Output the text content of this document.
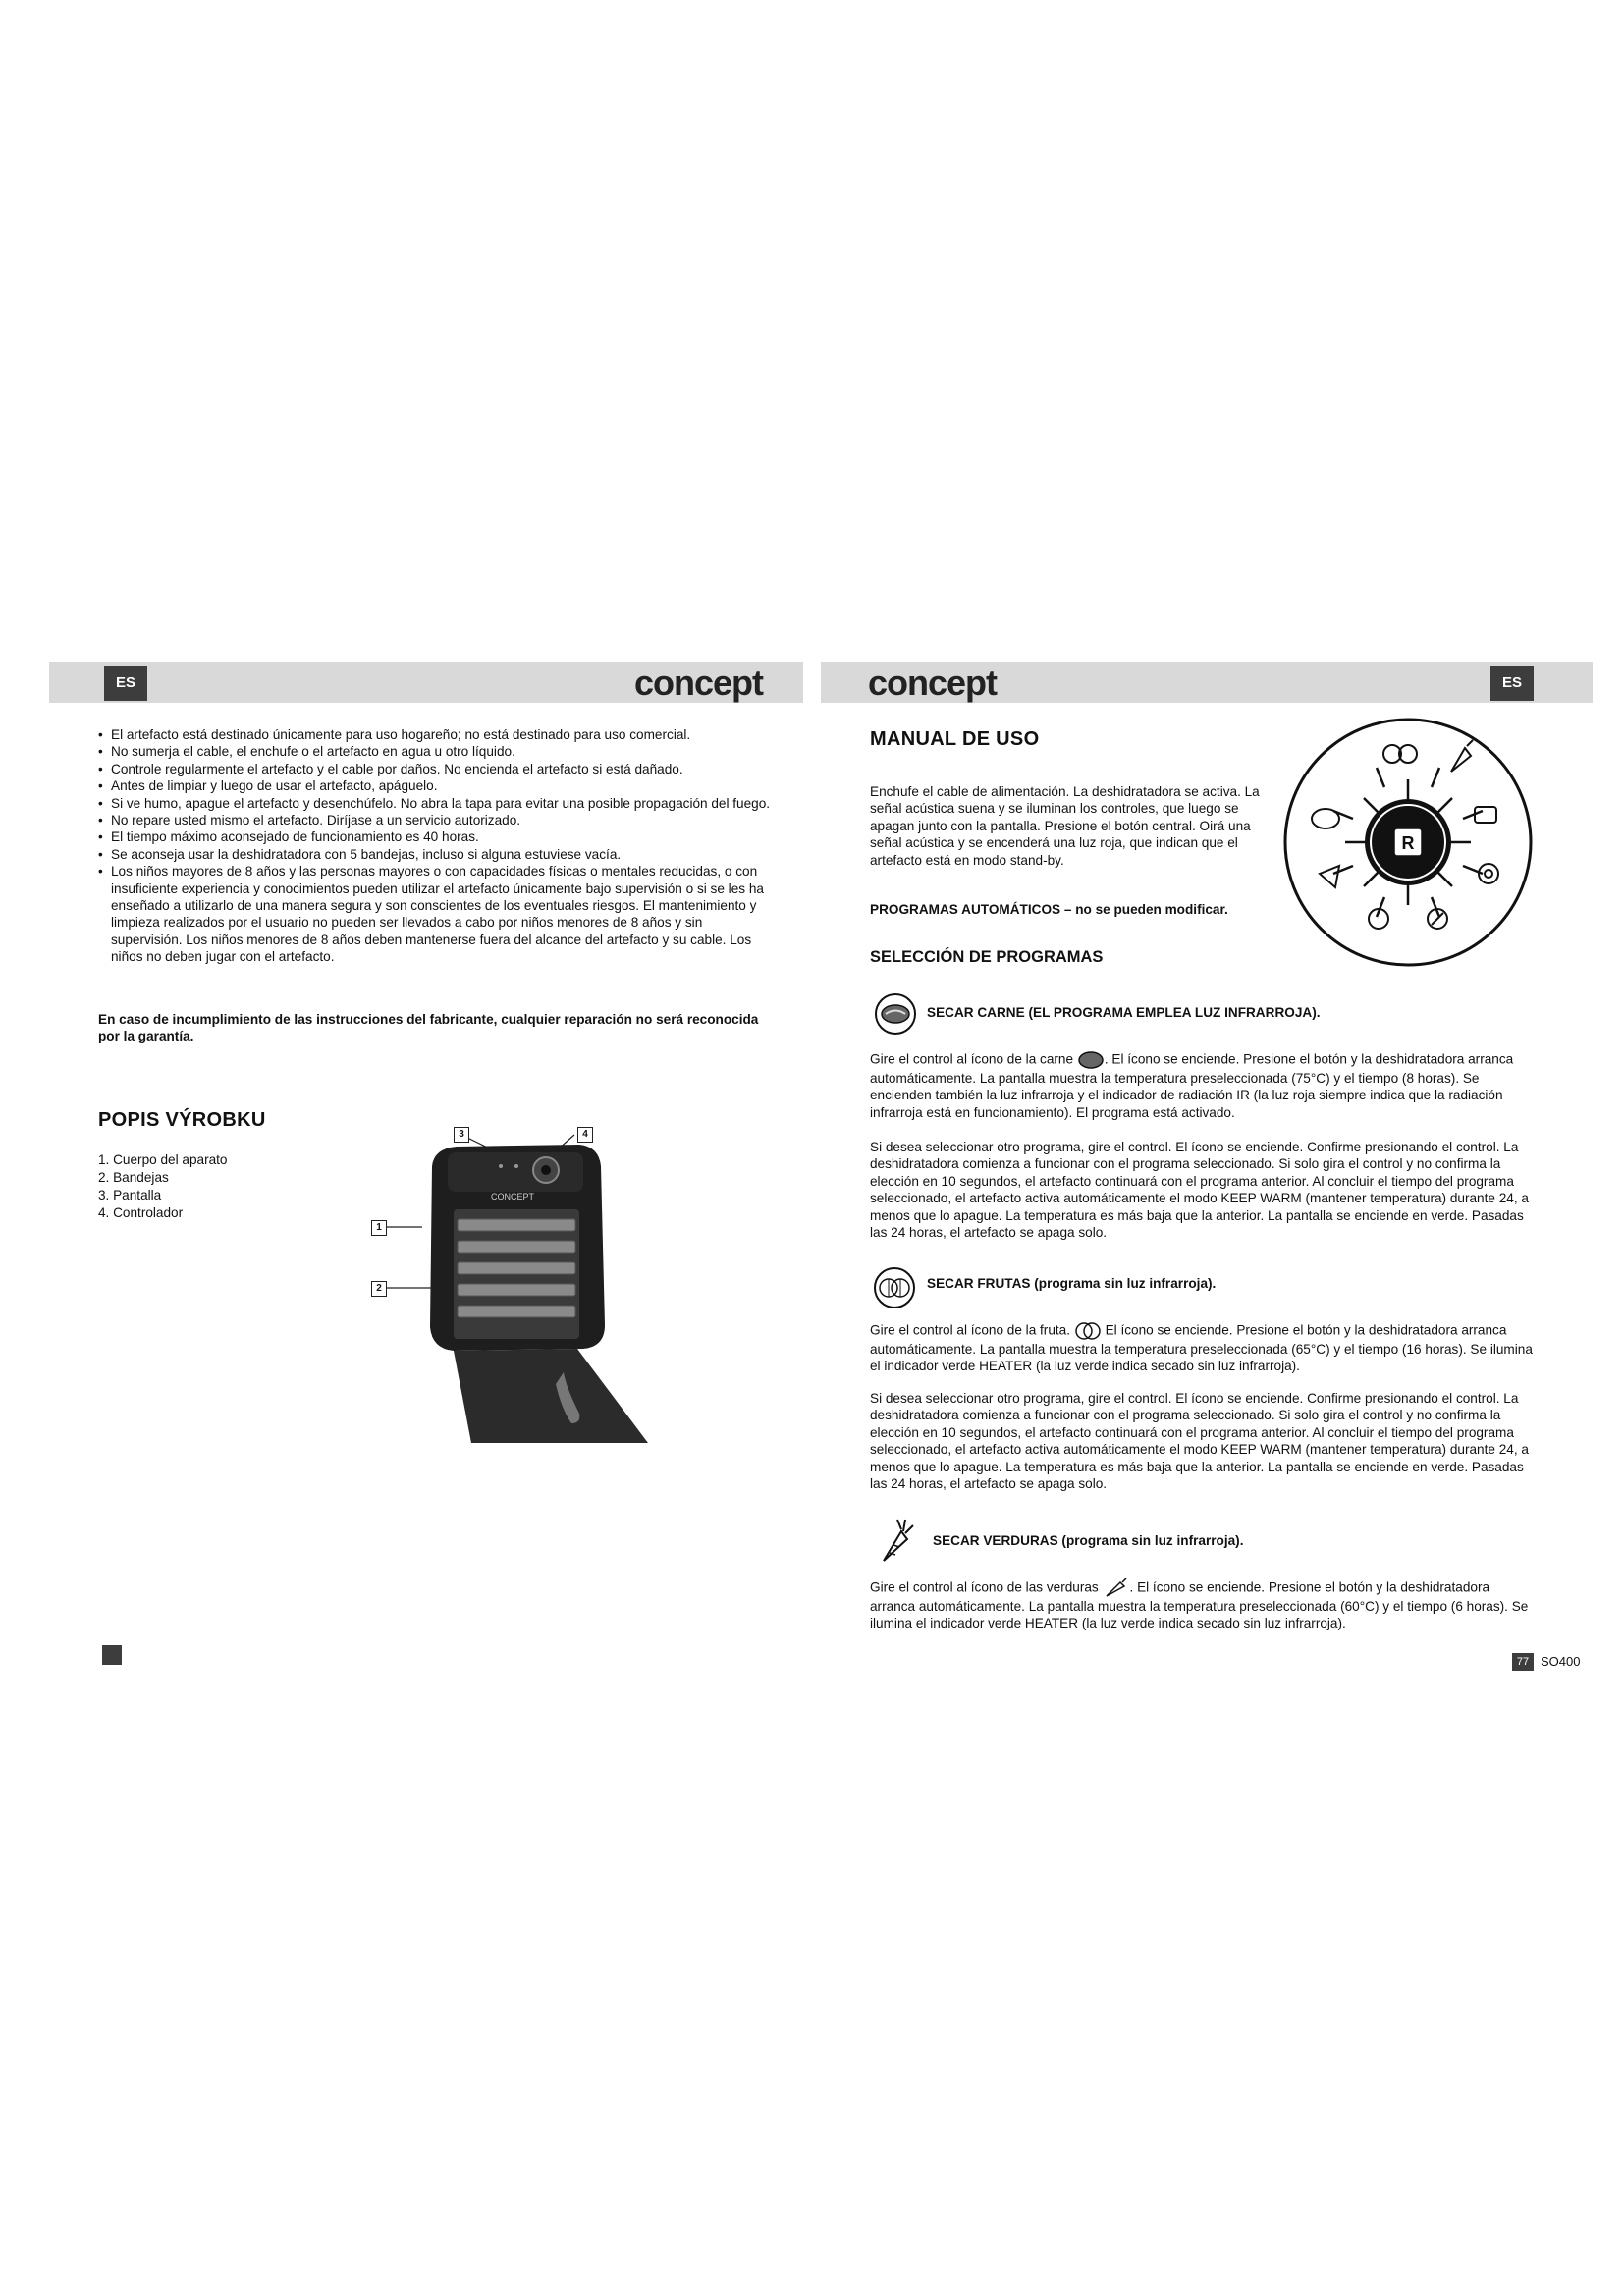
ES	ES
concept	concept
• El artefacto está destinado únicamente para uso hogareño; no está destinado para uso comercial.
• No sumerja el cable, el enchufe o el artefacto en agua u otro líquido.
• Controle regularmente el artefacto y el cable por daños. No encienda el artefacto si está dañado.
• Antes de limpiar y luego de usar el artefacto, apáguelo.
• Si ve humo, apague el artefacto y desenchúfelo. No abra la tapa para evitar una posible propagación del fuego.
• No repare usted mismo el artefacto. Diríjase a un servicio autorizado.
• El tiempo máximo aconsejado de funcionamiento es 40 horas.
• Se aconseja usar la deshidratadora con 5 bandejas, incluso si alguna estuviese vacía.
• Los niños mayores de 8 años y las personas mayores o con capacidades físicas o mentales reducidas, o con insuficiente experiencia y conocimientos pueden utilizar el artefacto únicamente bajo supervisión o si se les ha enseñado a utilizarlo de una manera segura y son conscientes de los eventuales riesgos. El mantenimiento y limpieza realizados por el usuario no pueden ser llevados a cabo por niños menores de 8 años y sin supervisión. Los niños menores de 8 años deben mantenerse fuera del alcance del artefacto y su cable. Los niños no deben jugar con el artefacto.
En caso de incumplimiento de las instrucciones del fabricante, cualquier reparación no será reconocida por la garantía.
POPIS VÝROBKU
1. Cuerpo del aparato
2. Bandejas
3. Pantalla
4. Controlador
CONCEPT
3	4
1
2
MANUAL DE USO
Enchufe el cable de alimentación. La deshidratadora se activa. La señal acústica suena y se iluminan los controles, que luego se apagan junto con la pantalla. Presione el botón central. Oirá una señal acústica y se encenderá una luz roja, que indican que el artefacto está en modo stand-by.
PROGRAMAS AUTOMÁTICOS – no se pueden modificar.
SELECCIÓN DE PROGRAMAS
R
SECAR CARNE (EL PROGRAMA EMPLEA LUZ INFRARROJA).
Gire el control al ícono de la carne . El ícono se enciende. Presione el botón y la deshidratadora arranca automáticamente. La pantalla muestra la temperatura preseleccionada (75°C) y el tiempo (8 horas). Se encienden también la luz infrarroja y el indicador de radiación IR (la luz roja siempre indica que la radiación infrarroja está en funcionamiento). El programa está activado.
Si desea seleccionar otro programa, gire el control. El ícono se enciende. Confirme presionando el control. La deshidratadora comienza a funcionar con el programa seleccionado. Si solo gira el control y no confirma la elección en 10 segundos, el artefacto continuará con el programa anterior. Al concluir el tiempo del programa seleccionado, el artefacto activa automáticamente el modo KEEP WARM (mantener temperatura) durante 24, a menos que lo apague. La temperatura es más baja que la anterior. La pantalla se enciende en verde. Pasadas las 24 horas, el artefacto se apaga solo.
SECAR FRUTAS (programa sin luz infrarroja).
Gire el control al ícono de la fruta.	El ícono se enciende. Presione el botón y la deshidratadora arranca automáticamente. La pantalla muestra la temperatura preseleccionada (65°C) y el tiempo (16 horas). Se ilumina el indicador verde HEATER (la luz verde indica secado sin luz infrarroja).
Si desea seleccionar otro programa, gire el control. El ícono se enciende. Confirme presionando el control. La deshidratadora comienza a funcionar con el programa seleccionado. Si solo gira el control y no confirma la elección en 10 segundos, el artefacto continuará con el programa anterior. Al concluir el tiempo del programa seleccionado, el artefacto activa automáticamente el modo KEEP WARM (mantener temperatura) durante 24, a menos que lo apague. La temperatura es más baja que la anterior. La pantalla se enciende en verde. Pasadas las 24 horas, el artefacto se apaga solo.
SECAR VERDURAS (programa sin luz infrarroja).
Gire el control al ícono de las verduras . El ícono se enciende. Presione el botón y la deshidratadora arranca automáticamente. La pantalla muestra la temperatura preseleccionada (60°C) y el tiempo (6 horas). Se ilumina el indicador verde HEATER (la luz verde indica secado sin luz infrarroja).
77 SO400
